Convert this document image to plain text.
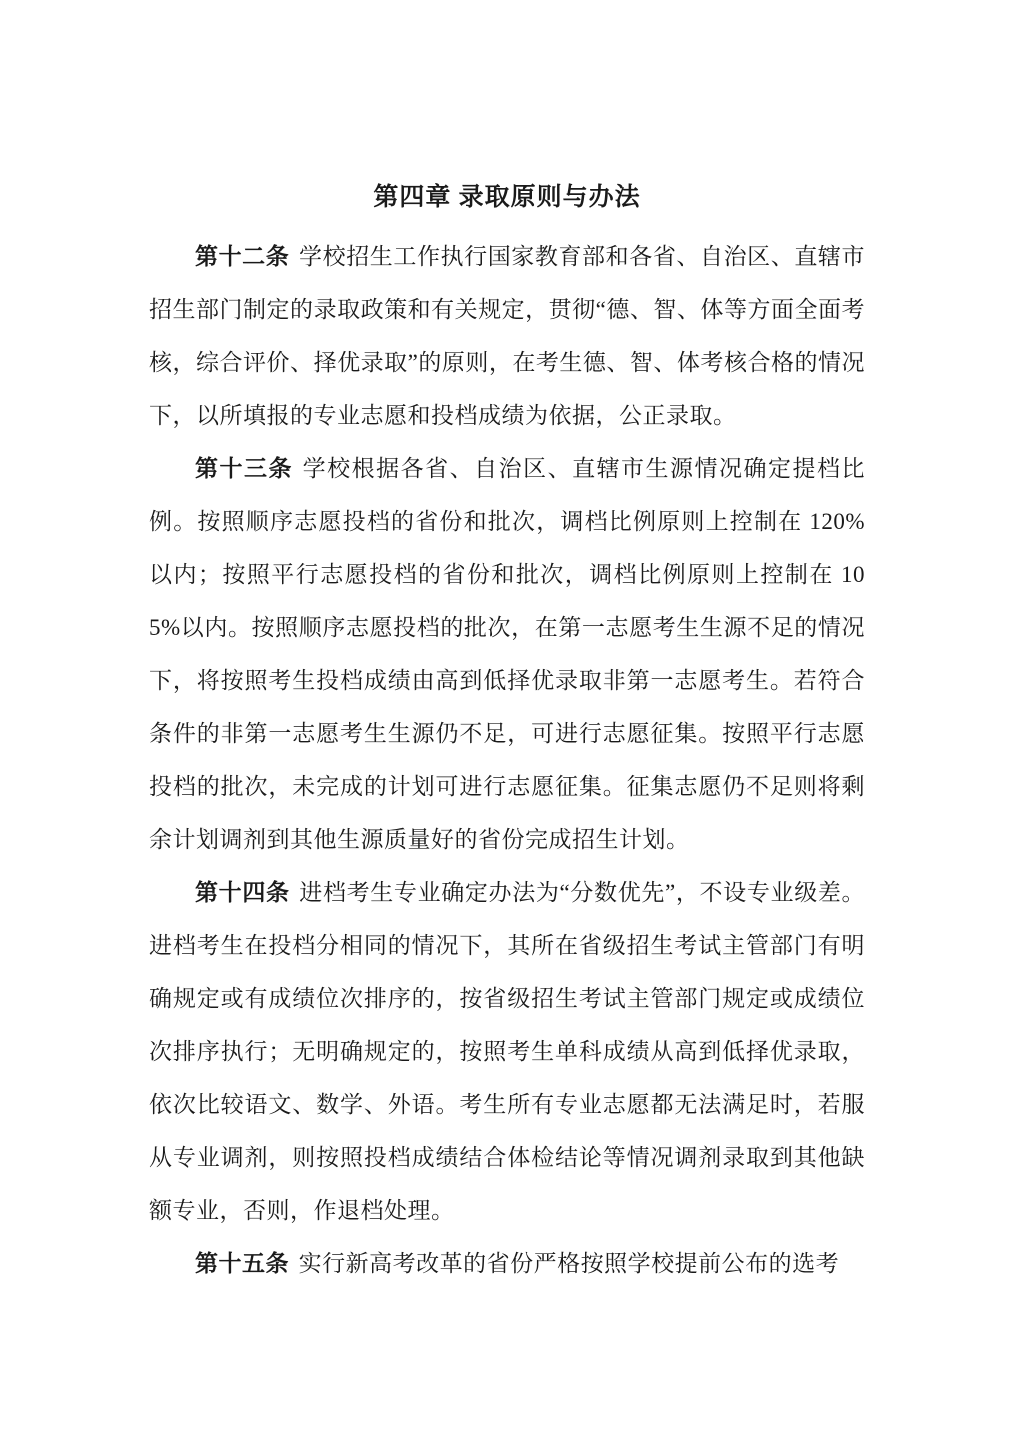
第四章 录取原则与办法

第十二条 学校招生工作执行国家教育部和各省、自治区、直辖市招生部门制定的录取政策和有关规定，贯彻“德、智、体等方面全面考核，综合评价、择优录取”的原则，在考生德、智、体考核合格的情况下，以所填报的专业志愿和投档成绩为依据，公正录取。

第十三条 学校根据各省、自治区、直辖市生源情况确定提档比例。按照顺序志愿投档的省份和批次，调档比例原则上控制在 120%以内；按照平行志愿投档的省份和批次，调档比例原则上控制在 105%以内。按照顺序志愿投档的批次，在第一志愿考生生源不足的情况下，将按照考生投档成绩由高到低择优录取非第一志愿考生。若符合条件的非第一志愿考生生源仍不足，可进行志愿征集。按照平行志愿投档的批次，未完成的计划可进行志愿征集。征集志愿仍不足则将剩余计划调剂到其他生源质量好的省份完成招生计划。

第十四条 进档考生专业确定办法为“分数优先”，不设专业级差。进档考生在投档分相同的情况下，其所在省级招生考试主管部门有明确规定或有成绩位次排序的，按省级招生考试主管部门规定或成绩位次排序执行；无明确规定的，按照考生单科成绩从高到低择优录取，依次比较语文、数学、外语。考生所有专业志愿都无法满足时，若服从专业调剂，则按照投档成绩结合体检结论等情况调剂录取到其他缺额专业，否则，作退档处理。

第十五条 实行新高考改革的省份严格按照学校提前公布的选考
